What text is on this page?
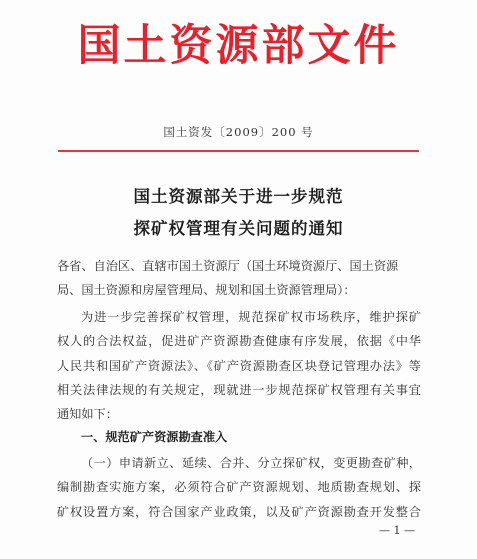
国土资源部文件
国土资发〔2009〕200 号
国土资源部关于进一步规范
探矿权管理有关问题的通知
各省、自治区、直辖市国土资源厅（国土环境资源厅、国土资源
局、国土资源和房屋管理局、规划和国土资源管理局）：
为进一步完善探矿权管理，规范探矿权市场秩序，维护探矿
权人的合法权益，促进矿产资源勘查健康有序发展，依据《中华
人民共和国矿产资源法》、《矿产资源勘查区块登记管理办法》等
相关法律法规的有关规定，现就进一步规范探矿权管理有关事宜
通知如下：
一、规范矿产资源勘查准入
（一）申请新立、延续、合并、分立探矿权，变更勘查矿种，
编制勘查实施方案，必须符合矿产资源规划、地质勘查规划、探
矿权设置方案，符合国家产业政策，以及矿产资源勘查开发整合
— 1 —
